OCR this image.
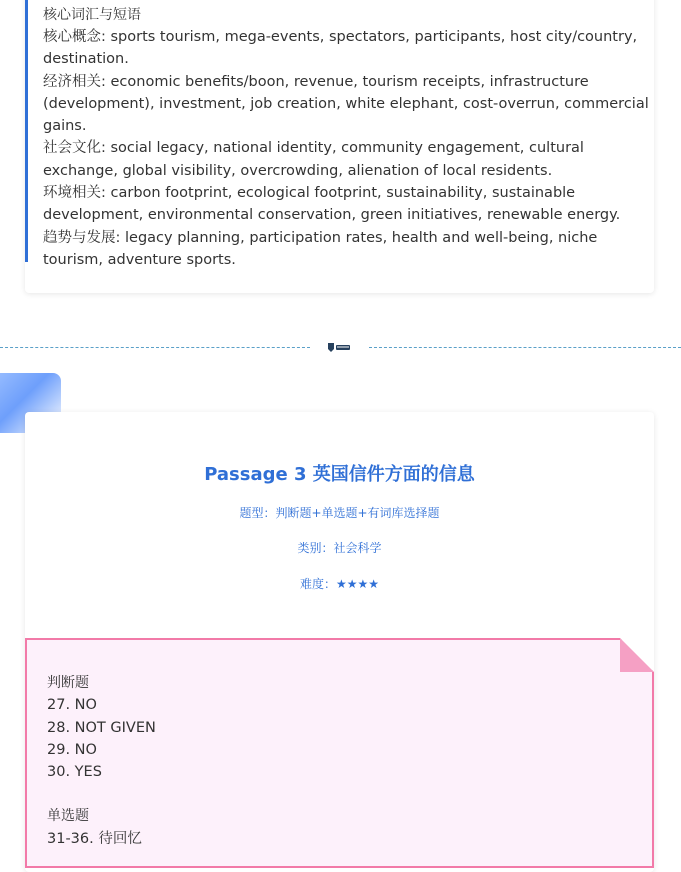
核心词汇与短语

核心概念: sports tourism, mega-events, spectators, participants, host city/country, destination.

经济相关: economic benefits/boon, revenue, tourism receipts, infrastructure (development), investment, job creation, white elephant, cost-overrun, commercial gains.

社会文化: social legacy, national identity, community engagement, cultural exchange, global visibility, overcrowding, alienation of local residents.

环境相关: carbon footprint, ecological footprint, sustainability, sustainable development, environmental conservation, green initiatives, renewable energy.

趋势与发展: legacy planning, participation rates, health and well-being, niche tourism, adventure sports.

Passage 3 英国信件方面的信息

题型：判断题+单选题+有词库选择题

类别：社会科学

难度：★★★★

判断题

27. NO

28. NOT GIVEN

29. NO

30. YES

单选题

31-36. 待回忆
